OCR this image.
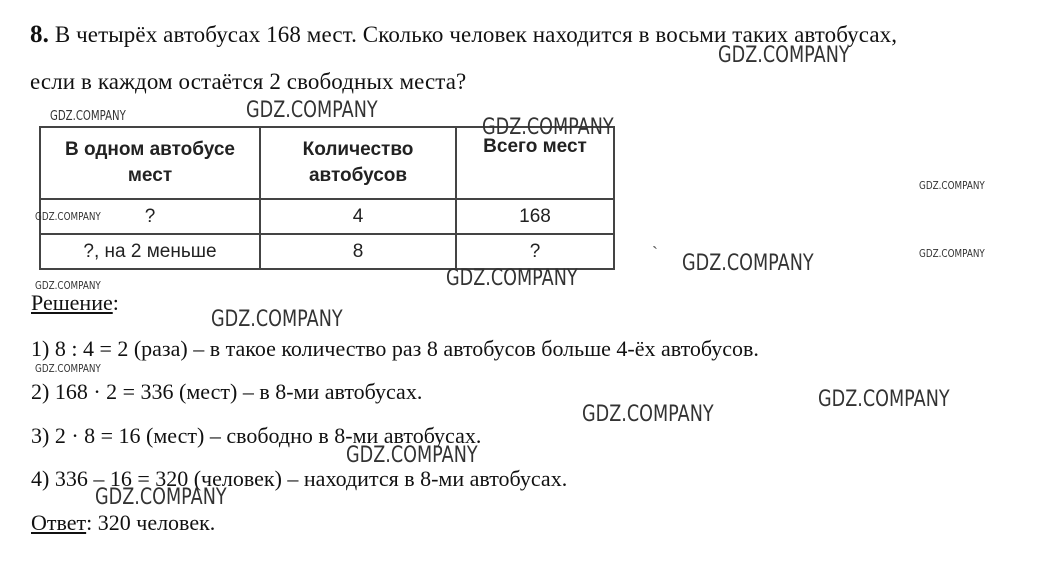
8. В четырёх автобусах 168 мест. Сколько человек находится в восьми таких автобусах,
если в каждом остаётся 2 свободных места?
В одном автобусе мест	Количество автобусов	Всего мест
?	4	168
?, на 2 меньше	8	?
Решение:
1) 8 : 4 = 2 (раза) – в такое количество раз 8 автобусов больше 4-ёх автобусов.
2) 168 · 2 = 336 (мест) – в 8-ми автобусах.
3) 2 · 8 = 16 (мест) – свободно в 8-ми автобусах.
4) 336 – 16 = 320 (человек) – находится в 8-ми автобусах.
Ответ: 320 человек.
GDZ.COMPANY
GDZ.COMPANY	GDZ.COMPANY
GDZ.COMPANY
GDZ.COMPANY
GDZ.COMPANY
GDZ.COMPANY
GDZ.COMPANY
GDZ.COMPANY
GDZ.COMPANY
GDZ.COMPANY
GDZ.COMPANY
GDZ.COMPANY
GDZ.COMPANY
GDZ.COMPANY
GDZ.COMPANY
`
